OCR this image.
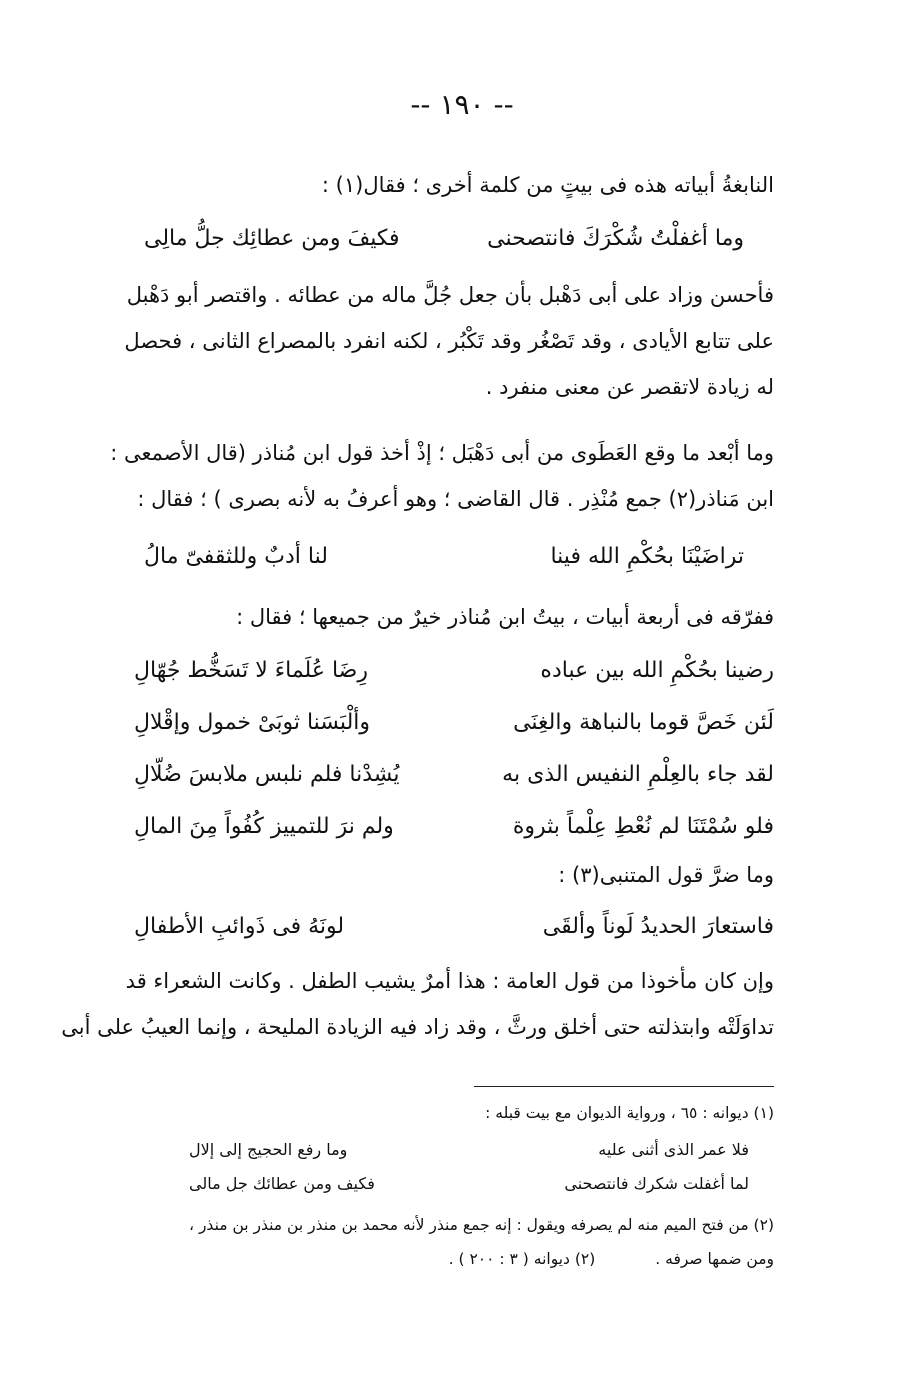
-- ١٩٠ --
النابغةُ أبياته هذه فى بيتٍ من كلمة أخرى ؛ فقال(١) :
وما أغفلْتُ شُكْرَكَ فانتصحنى
فكيفَ ومن عطائِك جلُّ مالِى
فأحسن وزاد على أبى دَهْبل بأن جعل جُلَّ ماله من عطائه . واقتصر أبو دَهْبل
على تتابع الأيادى ، وقد تَصْغُر وقد تَكْبُر ، لكنه انفرد بالمصراع الثانى ، فحصل
له زيادة لاتقصر عن معنى منفرد .
وما أبْعد ما وقع العَطَوى من أبى دَهْبَل ؛ إذْ أخذ قول ابن مُناذر (قال الأصمعى :
ابن مَناذر(٢) جمع مُنْذِر . قال القاضى ؛ وهو أعرفُ به لأنه بصرى ) ؛ فقال :
تراضَيْنَا بحُكْمِ الله فينا
لنا أدبٌ وللثقفىّ مالُ
ففرّقه فى أربعة أبيات ، بيتُ ابن مُناذر خيرٌ من جميعها ؛ فقال :
رضينا بحُكْمِ الله بين عباده
رِضَا عُلَماءَ لا تَسَخُّط جُهّالِ
لَئن خَصَّ قوما بالنباهة والغِنَى
وألْبَسَنا ثوبَىْ خمول وإقْلالِ
لقد جاء بالعِلْمِ النفيس الذى به
يُشِدْنا فلم نلبس ملابسَ ضُلّالِ
فلو سُمْتَنَا لم نُعْطِ عِلْماً بثروة
ولم نرَ للتمييز كُفُواً مِنَ المالِ
وما ضرَّ قول المتنبى(٣) :
فاستعارَ الحديدُ لَوناً وألقَى
لونَهُ فى ذَوائبِ الأطفالِ
وإن كان مأخوذا من قول العامة : هذا أمرٌ يشيب الطفل . وكانت الشعراء قد
تداوَلَتْه وابتذلته حتى أخلق ورثَّ ، وقد زاد فيه الزيادة المليحة ، وإنما العيبُ على أبى
(١) ديوانه : ٦٥ ، ورواية الديوان مع بيت قبله :
فلا عمر الذى أثنى عليه
وما رفع الحجيج إلى إلال
لما أغفلت شكرك فانتصحنى
فكيف ومن عطائك جل مالى
(٢) من فتح الميم منه لم يصرفه ويقول : إنه جمع منذر لأنه محمد بن منذر بن منذر بن منذر ،
ومن ضمها صرفه .
(٢) ديوانه ( ٣ : ٢٠٠ ) .
